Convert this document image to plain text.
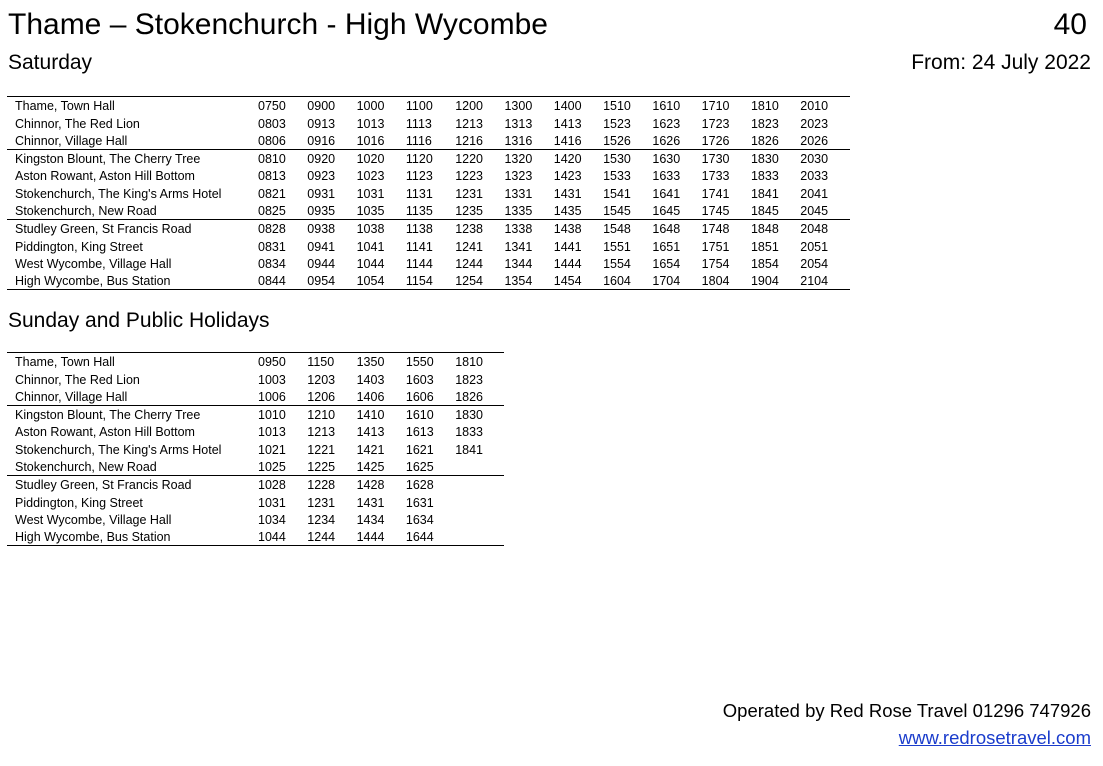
Thame – Stokenchurch - High Wycombe	40
Saturday	From: 24 July 2022
Thame, Town Hall	0750	0900	1000	1100	1200	1300	1400	1510	1610	1710	1810	2010
Chinnor, The Red Lion	0803	0913	1013	1113	1213	1313	1413	1523	1623	1723	1823	2023
Chinnor, Village Hall	0806	0916	1016	1116	1216	1316	1416	1526	1626	1726	1826	2026
Kingston Blount, The Cherry Tree	0810	0920	1020	1120	1220	1320	1420	1530	1630	1730	1830	2030
Aston Rowant, Aston Hill Bottom	0813	0923	1023	1123	1223	1323	1423	1533	1633	1733	1833	2033
Stokenchurch, The King's Arms Hotel	0821	0931	1031	1131	1231	1331	1431	1541	1641	1741	1841	2041
Stokenchurch, New Road	0825	0935	1035	1135	1235	1335	1435	1545	1645	1745	1845	2045
Studley Green, St Francis Road	0828	0938	1038	1138	1238	1338	1438	1548	1648	1748	1848	2048
Piddington, King Street	0831	0941	1041	1141	1241	1341	1441	1551	1651	1751	1851	2051
West Wycombe, Village Hall	0834	0944	1044	1144	1244	1344	1444	1554	1654	1754	1854	2054
High Wycombe, Bus Station	0844	0954	1054	1154	1254	1354	1454	1604	1704	1804	1904	2104
Sunday and Public Holidays
Thame, Town Hall	0950	1150	1350	1550	1810
Chinnor, The Red Lion	1003	1203	1403	1603	1823
Chinnor, Village Hall	1006	1206	1406	1606	1826
Kingston Blount, The Cherry Tree	1010	1210	1410	1610	1830
Aston Rowant, Aston Hill Bottom	1013	1213	1413	1613	1833
Stokenchurch, The King's Arms Hotel	1021	1221	1421	1621	1841
Stokenchurch, New Road	1025	1225	1425	1625	
Studley Green, St Francis Road	1028	1228	1428	1628	
Piddington, King Street	1031	1231	1431	1631	
West Wycombe, Village Hall	1034	1234	1434	1634	
High Wycombe, Bus Station	1044	1244	1444	1644	
Operated by Red Rose Travel 01296 747926
www.redrosetravel.com
